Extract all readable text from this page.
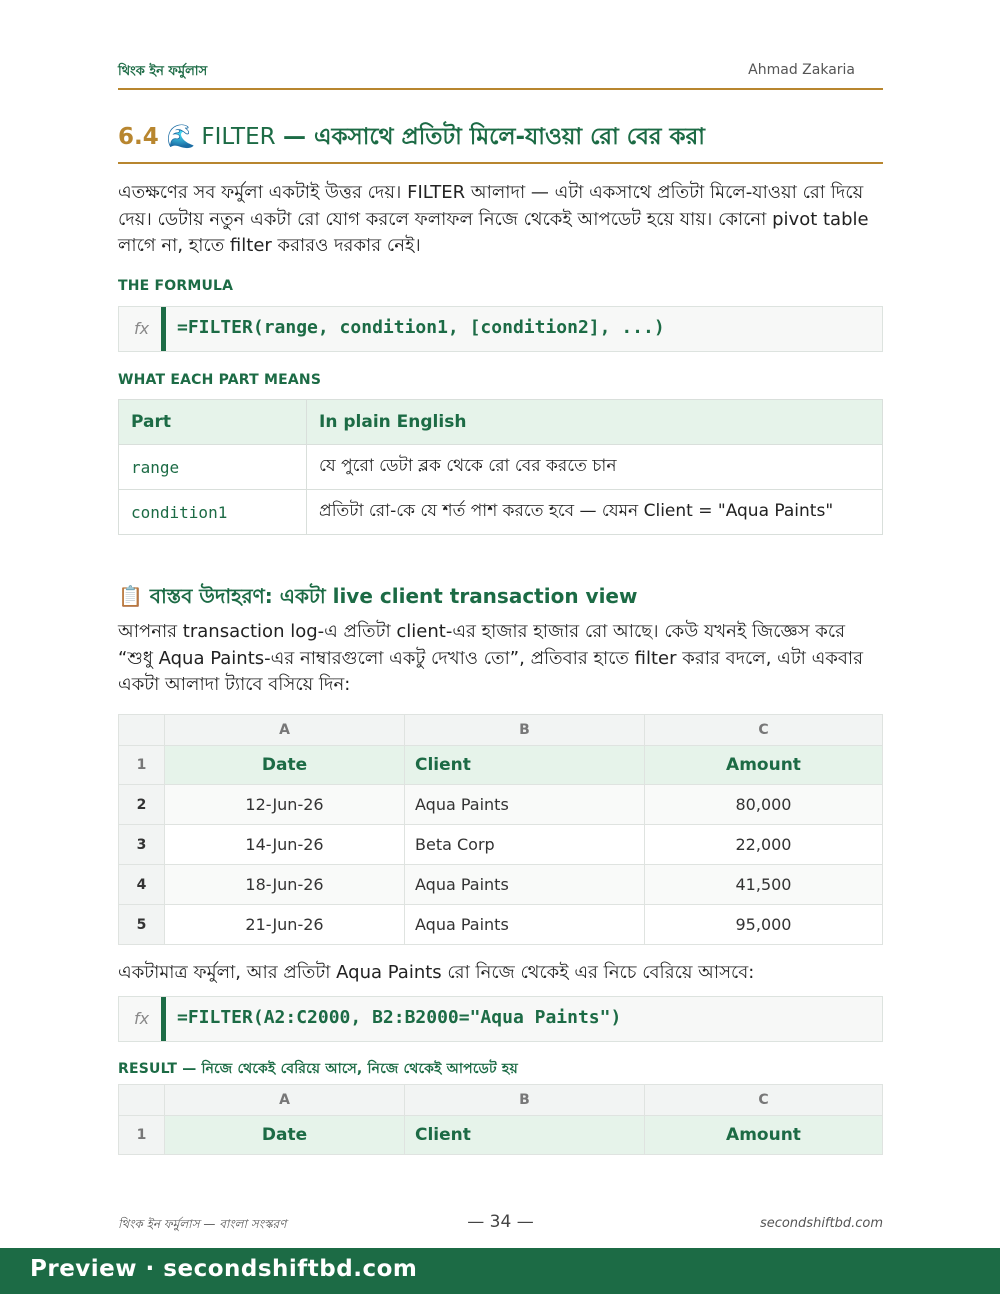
থিংক ইন ফর্মুলাস	Ahmad Zakaria
6.4 🌊 FILTER — একসাথে প্রতিটা মিলে-যাওয়া রো বের করা
এতক্ষণের সব ফর্মুলা একটাই উত্তর দেয়। FILTER আলাদা — এটা একসাথে প্রতিটা মিলে-যাওয়া রো দিয়ে দেয়। ডেটায় নতুন একটা রো যোগ করলে ফলাফল নিজে থেকেই আপডেট হয়ে যায়। কোনো pivot table লাগে না, হাতে filter করারও দরকার নেই।
THE FORMULA
fx =FILTER(range, condition1, [condition2], ...)
WHAT EACH PART MEANS
Part	In plain English
range	যে পুরো ডেটা ব্লক থেকে রো বের করতে চান
condition1	প্রতিটা রো-কে যে শর্ত পাশ করতে হবে — যেমন Client = "Aqua Paints"
📋 বাস্তব উদাহরণ: একটা live client transaction view
আপনার transaction log-এ প্রতিটা client-এর হাজার হাজার রো আছে। কেউ যখনই জিজ্ঞেস করে “শুধু Aqua Paints-এর নাম্বারগুলো একটু দেখাও তো”, প্রতিবার হাতে filter করার বদলে, এটা একবার একটা আলাদা ট্যাবে বসিয়ে দিন:
	A	B	C
1	Date	Client	Amount
2	12-Jun-26	Aqua Paints	80,000
3	14-Jun-26	Beta Corp	22,000
4	18-Jun-26	Aqua Paints	41,500
5	21-Jun-26	Aqua Paints	95,000
একটামাত্র ফর্মুলা, আর প্রতিটা Aqua Paints রো নিজে থেকেই এর নিচে বেরিয়ে আসবে:
fx =FILTER(A2:C2000, B2:B2000="Aqua Paints")
RESULT — নিজে থেকেই বেরিয়ে আসে, নিজে থেকেই আপডেট হয়
	A	B	C
1	Date	Client	Amount
থিংক ইন ফর্মুলাস — বাংলা সংস্করণ	— 34 —	secondshiftbd.com
Preview · secondshiftbd.com
